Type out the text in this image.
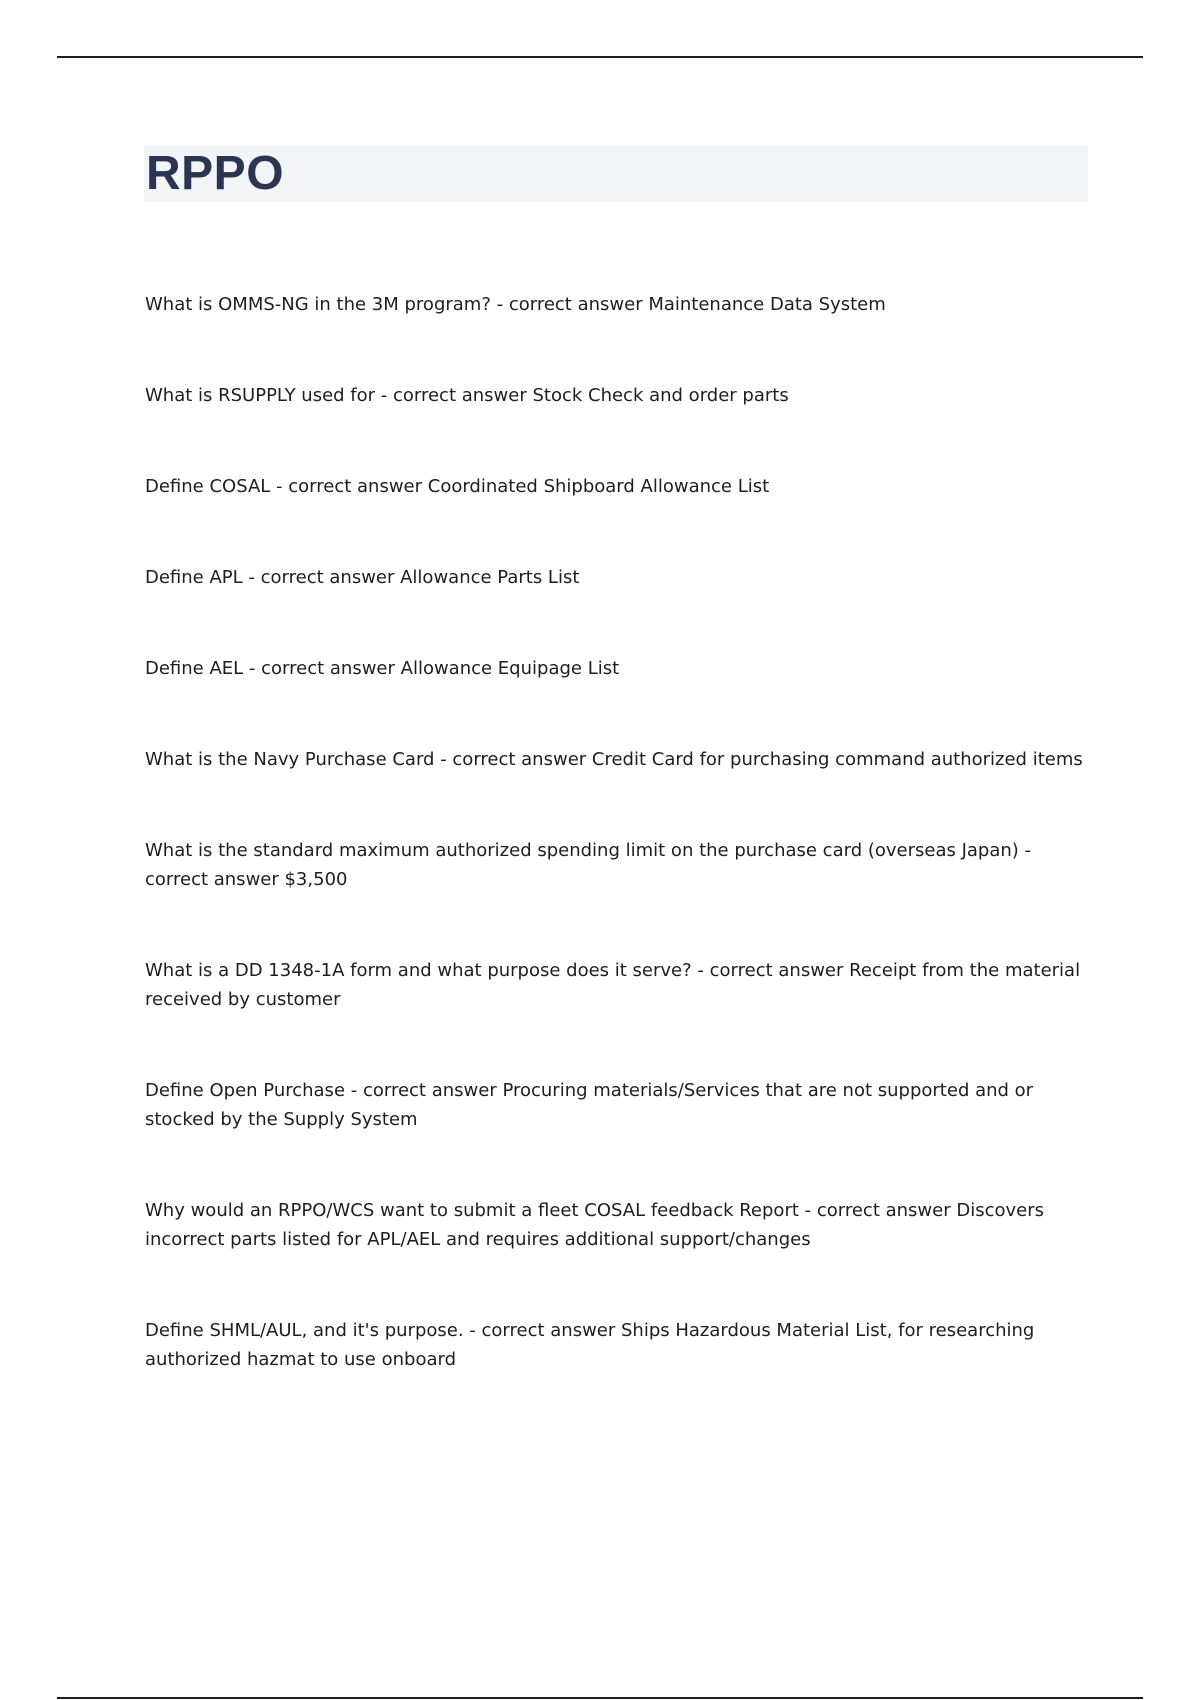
RPPO
What is OMMS-NG in the 3M program? - correct answer Maintenance Data System
What is RSUPPLY used for - correct answer Stock Check and order parts
Define COSAL - correct answer Coordinated Shipboard Allowance List
Define APL - correct answer Allowance Parts List
Define AEL - correct answer Allowance Equipage List
What is the Navy Purchase Card - correct answer Credit Card for purchasing command authorized items
What is the standard maximum authorized spending limit on the purchase card (overseas Japan) - correct answer $3,500
What is a DD 1348-1A form and what purpose does it serve? - correct answer Receipt from the material received by customer
Define Open Purchase - correct answer Procuring materials/Services that are not supported and or stocked by the Supply System
Why would an RPPO/WCS want to submit a fleet COSAL feedback Report - correct answer Discovers incorrect parts listed for APL/AEL and requires additional support/changes
Define SHML/AUL, and it's purpose. - correct answer Ships Hazardous Material List, for researching authorized hazmat to use onboard
